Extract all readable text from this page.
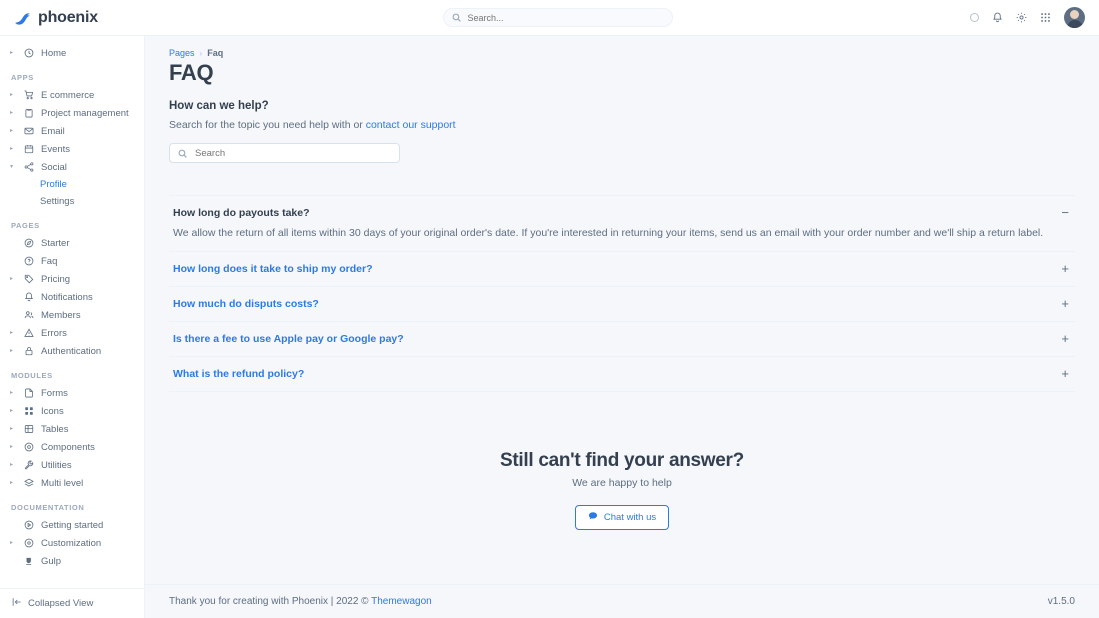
phoenix
Search...
▸	Home
APPS
▸	E commerce
▸	Project management
▸	Email
▸	Events
▾	Social
Profile
Settings
PAGES
Starter
Faq
▸	Pricing
Notifications
Members
▸	Errors
▸	Authentication
MODULES
▸	Forms
▸	Icons
▸	Tables
▸	Components
▸	Utilities
▸	Multi level
DOCUMENTATION
Getting started
▸	Customization
Gulp
Collapsed View
Pages › Faq
FAQ
How can we help?
Search for the topic you need help with or contact our support
Search
How long do payouts take?
We allow the return of all items within 30 days of your original order's date. If you're interested in returning your items, send us an email with your order number and we'll ship a return label.
−
How long does it take to ship my order?	+
How much do disputs costs?	+
Is there a fee to use Apple pay or Google pay?	+
What is the refund policy?	+
Still can't find your answer?

We are happy to help

Chat with us
Thank you for creating with Phoenix | 2022 © Themewagon	v1.5.0
